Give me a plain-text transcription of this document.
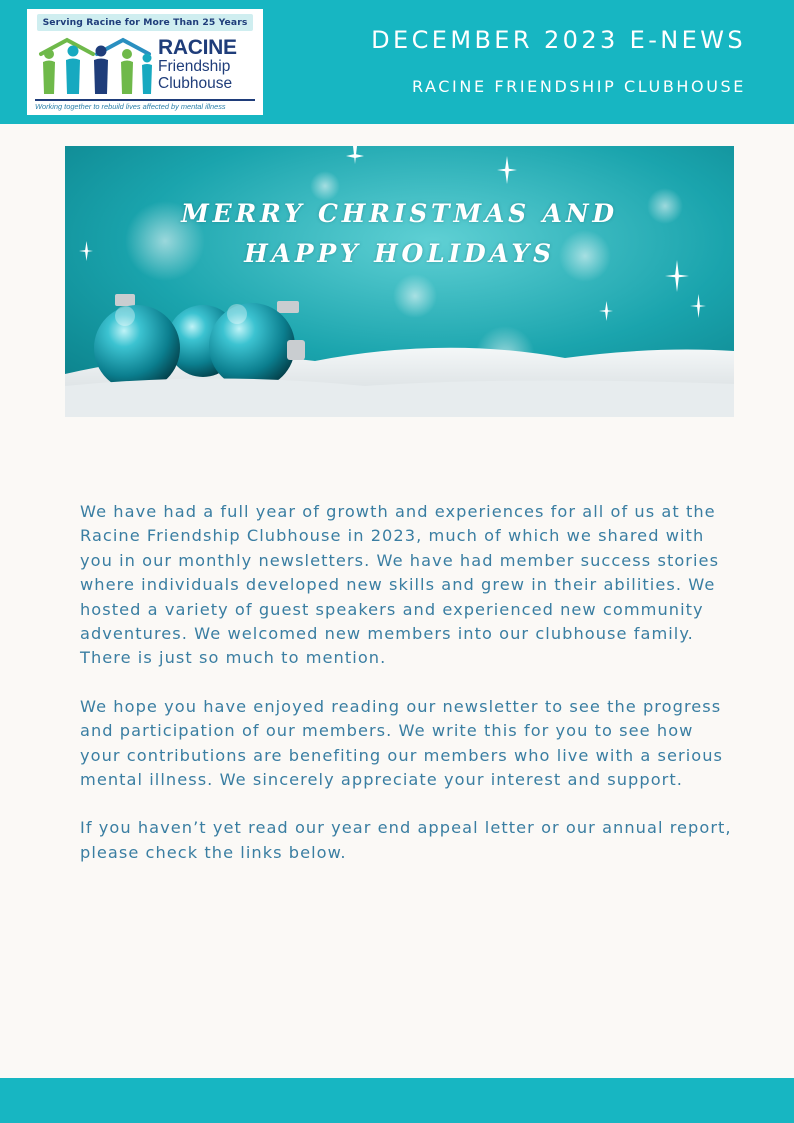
Serving Racine for More Than 25 Years
RACINE
Friendship
Clubhouse
Working together to rebuild lives affected by mental illness
DECEMBER 2023 E-NEWS
RACINE FRIENDSHIP CLUBHOUSE
MERRY CHRISTMAS AND
HAPPY HOLIDAYS

We have had a full year of growth and experiences for all of us at the Racine Friendship Clubhouse in 2023, much of which we shared with you in our monthly newsletters. We have had member success stories where individuals developed new skills and grew in their abilities. We hosted a variety of guest speakers and experienced new community adventures. We welcomed new members into our clubhouse family. There is just so much to mention.

We hope you have enjoyed reading our newsletter to see the progress and participation of our members. We write this for you to see how your contributions are benefiting our members who live with a serious mental illness. We sincerely appreciate your interest and support.

If you haven’t yet read our year end appeal letter or our annual report, please check the links below.
